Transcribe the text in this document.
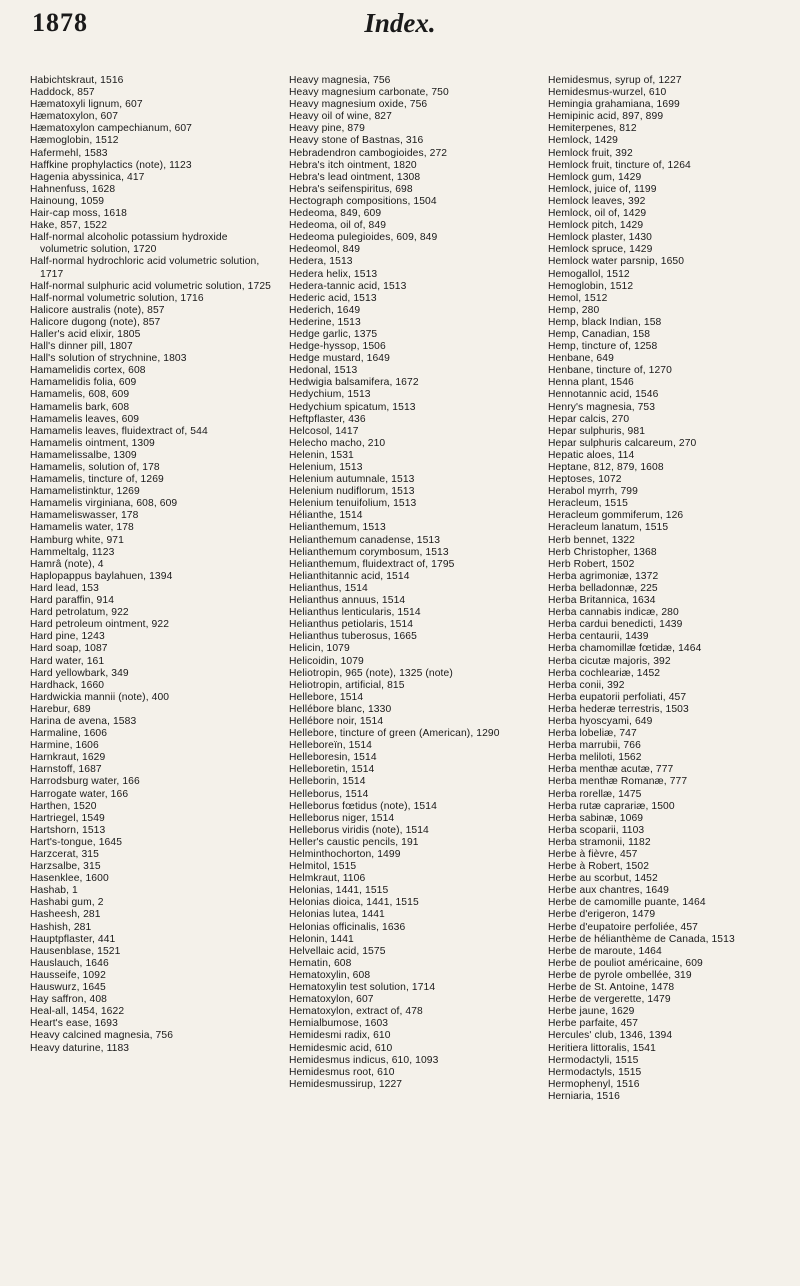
1878	Index.
Habichtskraut, 1516
Haddock, 857
Hæmatoxyli lignum, 607
Hæmatoxylon, 607
Hæmatoxylon campechianum, 607
Hæmoglobin, 1512
Hafermehl, 1583
Haffkine prophylactics (note), 1123
Hagenia abyssinica, 417
Hahnenfuss, 1628
Hainoung, 1059
Hair-cap moss, 1618
Hake, 857, 1522
Half-normal alcoholic potassium hydroxide volumetric solution, 1720
Half-normal hydrochloric acid volumetric solution, 1717
Half-normal sulphuric acid volumetric solution, 1725
Half-normal volumetric solution, 1716
Halicore australis (note), 857
Halicore dugong (note), 857
Haller's acid elixir, 1805
Hall's dinner pill, 1807
Hall's solution of strychnine, 1803
Hamamelidis cortex, 608
Hamamelidis folia, 609
Hamamelis, 608, 609
Hamamelis bark, 608
Hamamelis leaves, 609
Hamamelis leaves, fluidextract of, 544
Hamamelis ointment, 1309
Hamamelissalbe, 1309
Hamamelis, solution of, 178
Hamamelis, tincture of, 1269
Hamamelistinktur, 1269
Hamamelis virginiana, 608, 609
Hamameliswasser, 178
Hamamelis water, 178
Hamburg white, 971
Hammeltalg, 1123
Hamrâ (note), 4
Haplopappus baylahuen, 1394
Hard lead, 153
Hard paraffin, 914
Hard petrolatum, 922
Hard petroleum ointment, 922
Hard pine, 1243
Hard soap, 1087
Hard water, 161
Hard yellowbark, 349
Hardhack, 1660
Hardwickia mannii (note), 400
Harebur, 689
Harina de avena, 1583
Harmaline, 1606
Harmine, 1606
Harnkraut, 1629
Harnstoff, 1687
Harrodsburg water, 166
Harrogate water, 166
Harthen, 1520
Hartriegel, 1549
Hartshorn, 1513
Hart's-tongue, 1645
Harzcerat, 315
Harzsalbe, 315
Hasenklee, 1600
Hashab, 1
Hashabi gum, 2
Hasheesh, 281
Hashish, 281
Hauptpflaster, 441
Hausenblase, 1521
Hauslauch, 1646
Hausseife, 1092
Hauswurz, 1645
Hay saffron, 408
Heal-all, 1454, 1622
Heart's ease, 1693
Heavy calcined magnesia, 756
Heavy daturine, 1183
Heavy magnesia, 756
Heavy magnesium carbonate, 750
Heavy magnesium oxide, 756
Heavy oil of wine, 827
Heavy pine, 879
Heavy stone of Bastnas, 316
Hebradendron cambogioides, 272
Hebra's itch ointment, 1820
Hebra's lead ointment, 1308
Hebra's seifenspiritus, 698
Hectograph compositions, 1504
Hedeoma, 849, 609
Hedeoma, oil of, 849
Hedeoma pulegioides, 609, 849
Hedeomol, 849
Hedera, 1513
Hedera helix, 1513
Hedera-tannic acid, 1513
Hederic acid, 1513
Hederich, 1649
Hederine, 1513
Hedge garlic, 1375
Hedge-hyssop, 1506
Hedge mustard, 1649
Hedonal, 1513
Hedwigia balsamifera, 1672
Hedychium, 1513
Hedychium spicatum, 1513
Heftpflaster, 436
Helcosol, 1417
Helecho macho, 210
Helenin, 1531
Helenium, 1513
Helenium autumnale, 1513
Helenium nudiflorum, 1513
Helenium tenuifolium, 1513
Hélianthe, 1514
Helianthemum, 1513
Helianthemum canadense, 1513
Helianthemum corymbosum, 1513
Helianthemum, fluidextract of, 1795
Helianthitannic acid, 1514
Helianthus, 1514
Helianthus annuus, 1514
Helianthus lenticularis, 1514
Helianthus petiolaris, 1514
Helianthus tuberosus, 1665
Helicin, 1079
Helicoidin, 1079
Heliotropin, 965 (note), 1325 (note)
Heliotropin, artificial, 815
Hellebore, 1514
Hellébore blanc, 1330
Hellébore noir, 1514
Hellebore, tincture of green (American), 1290
Helleboreïn, 1514
Helleboresin, 1514
Helleboretin, 1514
Helleborin, 1514
Helleborus, 1514
Helleborus fœtidus (note), 1514
Helleborus niger, 1514
Helleborus viridis (note), 1514
Heller's caustic pencils, 191
Helminthochorton, 1499
Helmitol, 1515
Helmkraut, 1106
Helonias, 1441, 1515
Helonias dioica, 1441, 1515
Helonias lutea, 1441
Helonias officinalis, 1636
Helonin, 1441
Helvellaic acid, 1575
Hematin, 608
Hematoxylin, 608
Hematoxylin test solution, 1714
Hematoxylon, 607
Hematoxylon, extract of, 478
Hemialbumose, 1603
Hemidesmi radix, 610
Hemidesmic acid, 610
Hemidesmus indicus, 610, 1093
Hemidesmus root, 610
Hemidesmussirup, 1227
Hemidesmus, syrup of, 1227
Hemidesmus-wurzel, 610
Hemingia grahamiana, 1699
Hemipinic acid, 897, 899
Hemiterpenes, 812
Hemlock, 1429
Hemlock fruit, 392
Hemlock fruit, tincture of, 1264
Hemlock gum, 1429
Hemlock, juice of, 1199
Hemlock leaves, 392
Hemlock, oil of, 1429
Hemlock pitch, 1429
Hemlock plaster, 1430
Hemlock spruce, 1429
Hemlock water parsnip, 1650
Hemogallol, 1512
Hemoglobin, 1512
Hemol, 1512
Hemp, 280
Hemp, black Indian, 158
Hemp, Canadian, 158
Hemp, tincture of, 1258
Henbane, 649
Henbane, tincture of, 1270
Henna plant, 1546
Hennotannic acid, 1546
Henry's magnesia, 753
Hepar calcis, 270
Hepar sulphuris, 981
Hepar sulphuris calcareum, 270
Hepatic aloes, 114
Heptane, 812, 879, 1608
Heptoses, 1072
Herabol myrrh, 799
Heracleum, 1515
Heracleum gommiferum, 126
Heracleum lanatum, 1515
Herb bennet, 1322
Herb Christopher, 1368
Herb Robert, 1502
Herba agrimoniæ, 1372
Herba belladonnæ, 225
Herba Britannica, 1634
Herba cannabis indicæ, 280
Herba cardui benedicti, 1439
Herba centaurii, 1439
Herba chamomillæ fœtidæ, 1464
Herba cicutæ majoris, 392
Herba cochleariæ, 1452
Herba conii, 392
Herba eupatorii perfoliati, 457
Herba hederæ terrestris, 1503
Herba hyoscyami, 649
Herba lobeliæ, 747
Herba marrubii, 766
Herba meliloti, 1562
Herba menthæ acutæ, 777
Herba menthæ Romanæ, 777
Herba rorellæ, 1475
Herba rutæ caprariæ, 1500
Herba sabinæ, 1069
Herba scoparii, 1103
Herba stramonii, 1182
Herbe à fièvre, 457
Herbe à Robert, 1502
Herbe au scorbut, 1452
Herbe aux chantres, 1649
Herbe de camomille puante, 1464
Herbe d'erigeron, 1479
Herbe d'eupatoire perfoliée, 457
Herbe de hélianthème de Canada, 1513
Herbe de maroute, 1464
Herbe de pouliot américaine, 609
Herbe de pyrole ombellée, 319
Herbe de St. Antoine, 1478
Herbe de vergerette, 1479
Herbe jaune, 1629
Herbe parfaite, 457
Hercules' club, 1346, 1394
Heritiera littoralis, 1541
Hermodactyli, 1515
Hermodactyls, 1515
Hermophenyl, 1516
Herniaria, 1516
